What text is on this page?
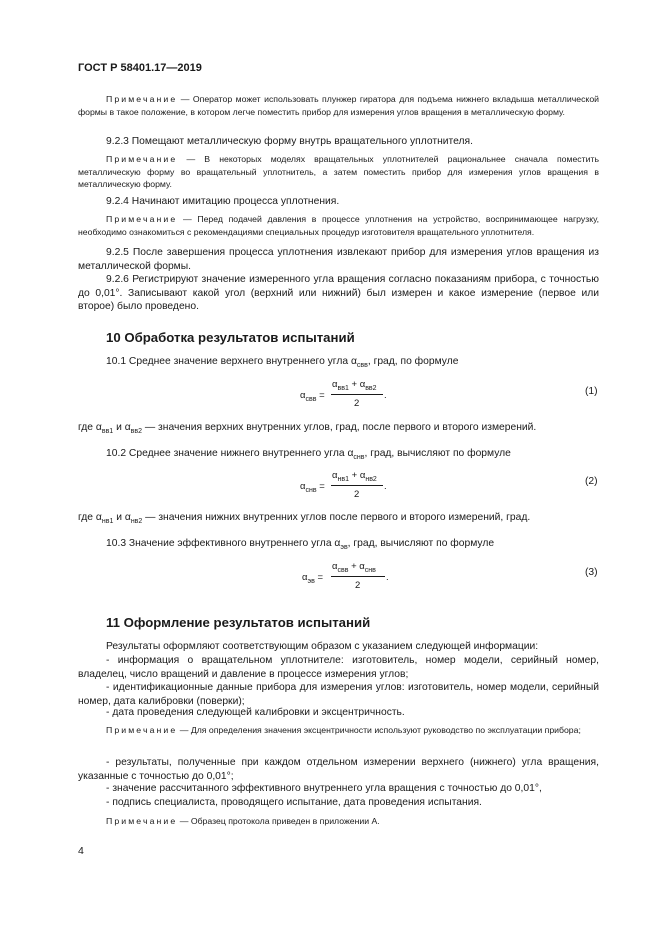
ГОСТ Р 58401.17—2019
Примечание — Оператор может использовать плунжер гиратора для подъема нижнего вкладыша металлической формы в такое положение, в котором легче поместить прибор для измерения углов вращения в металлическую форму.
9.2.3 Помещают металлическую форму внутрь вращательного уплотнителя.
Примечание — В некоторых моделях вращательных уплотнителей рациональнее сначала поместить металлическую форму во вращательный уплотнитель, а затем поместить прибор для измерения углов вращения в металлическую форму.
9.2.4 Начинают имитацию процесса уплотнения.
Примечание — Перед подачей давления в процессе уплотнения на устройство, воспринимающее нагрузку, необходимо ознакомиться с рекомендациями специальных процедур изготовителя вращательного уплотнителя.
9.2.5 После завершения процесса уплотнения извлекают прибор для измерения углов вращения из металлической формы.
9.2.6 Регистрируют значение измеренного угла вращения согласно показаниям прибора, с точностью до 0,01°. Записывают какой угол (верхний или нижний) был измерен и какое измерение (первое или второе) было проведено.
10 Обработка результатов испытаний
10.1 Среднее значение верхнего внутреннего угла $\alpha_{свв}$, град, по формуле
$\alpha_{свв}$ =
$\alpha_{вв1} + \alpha_{вв2}$
2
.	(1)
где $\alpha_{вв1}$ и $\alpha_{вв2}$ — значения верхних внутренних углов, град, после первого и второго измерений.
10.2 Среднее значение нижнего внутреннего угла $\alpha_{снв}$, град, вычисляют по формуле
$\alpha_{снв}$ =
$\alpha_{нв1} + \alpha_{нв2}$
2
.	(2)
где $\alpha_{нв1}$ и $\alpha_{нв2}$ — значения нижних внутренних углов после первого и второго измерений, град.
10.3 Значение эффективного внутреннего угла $\alpha_{эв}$, град, вычисляют по формуле
$\alpha_{эв}$ =
$\alpha_{свв} + \alpha_{снв}$
2
.	(3)
11 Оформление результатов испытаний
Результаты оформляют соответствующим образом с указанием следующей информации:
- информация о вращательном уплотнителе: изготовитель, номер модели, серийный номер, владелец, число вращений и давление в процессе измерения углов;
- идентификационные данные прибора для измерения углов: изготовитель, номер модели, серийный номер, дата калибровки (поверки);
- дата проведения следующей калибровки и эксцентричность.
Примечание — Для определения значения эксцентричности используют руководство по эксплуатации прибора;
- результаты, полученные при каждом отдельном измерении верхнего (нижнего) угла вращения, указанные с точностью до 0,01°;
- значение рассчитанного эффективного внутреннего угла вращения с точностью до 0,01°,
- подпись специалиста, проводящего испытание, дата проведения испытания.
Примечание — Образец протокола приведен в приложении А.
4
